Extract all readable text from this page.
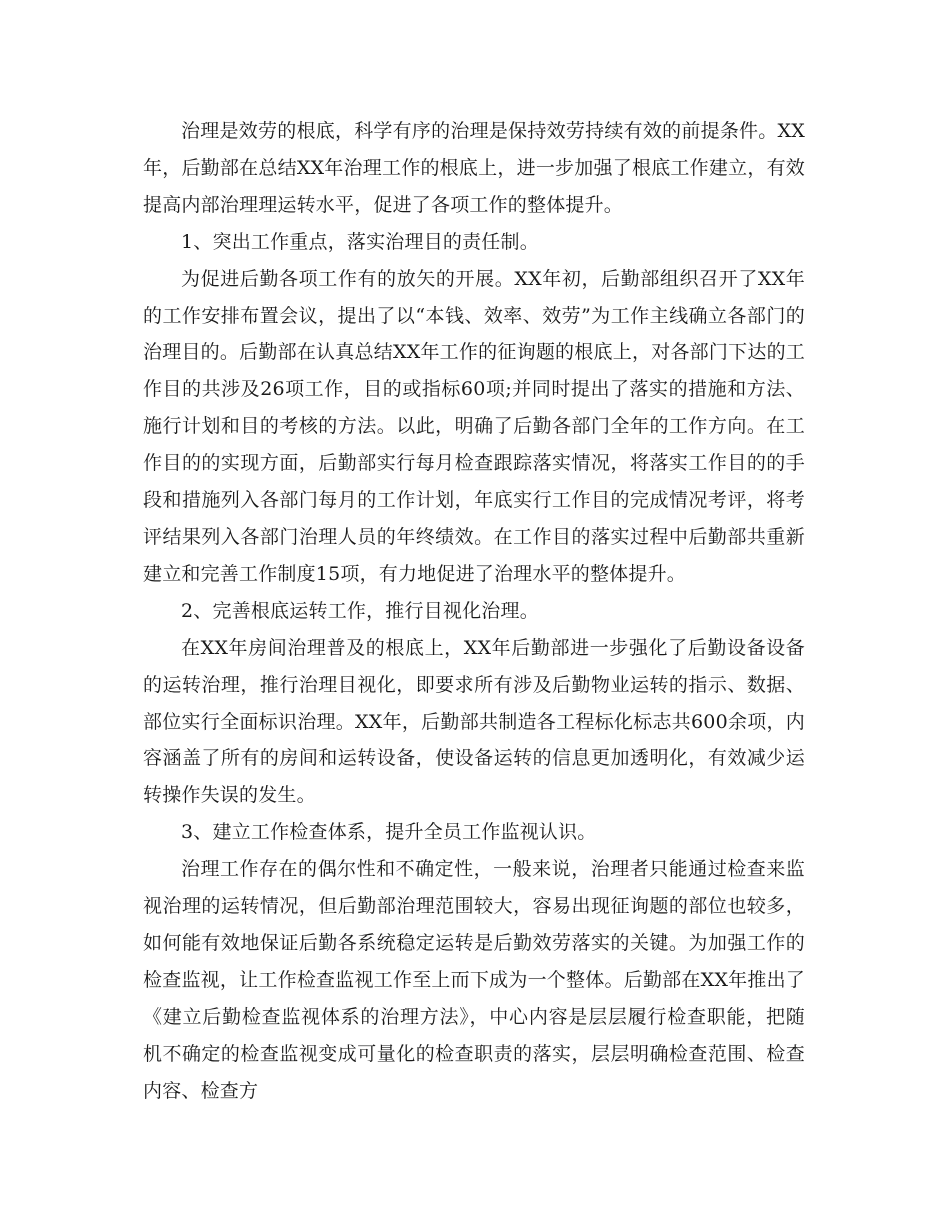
治理是效劳的根底，科学有序的治理是保持效劳持续有效的前提条件。XX年，后勤部在总结XX年治理工作的根底上，进一步加强了根底工作建立，有效提高内部治理理运转水平，促进了各项工作的整体提升。

1、突出工作重点，落实治理目的责任制。

为促进后勤各项工作有的放矢的开展。XX年初，后勤部组织召开了XX年的工作安排布置会议，提出了以“本钱、效率、效劳”为工作主线确立各部门的治理目的。后勤部在认真总结XX年工作的征询题的根底上，对各部门下达的工作目的共涉及26项工作，目的或指标60项;并同时提出了落实的措施和方法、施行计划和目的考核的方法。以此，明确了后勤各部门全年的工作方向。在工作目的的实现方面，后勤部实行每月检查跟踪落实情况，将落实工作目的的手段和措施列入各部门每月的工作计划，年底实行工作目的完成情况考评，将考评结果列入各部门治理人员的年终绩效。在工作目的落实过程中后勤部共重新建立和完善工作制度15项，有力地促进了治理水平的整体提升。

2、完善根底运转工作，推行目视化治理。

在XX年房间治理普及的根底上，XX年后勤部进一步强化了后勤设备设备的运转治理，推行治理目视化，即要求所有涉及后勤物业运转的指示、数据、部位实行全面标识治理。XX年，后勤部共制造各工程标化标志共600余项，内容涵盖了所有的房间和运转设备，使设备运转的信息更加透明化，有效减少运转操作失误的发生。

3、建立工作检查体系，提升全员工作监视认识。

治理工作存在的偶尔性和不确定性，一般来说，治理者只能通过检查来监视治理的运转情况，但后勤部治理范围较大，容易出现征询题的部位也较多，如何能有效地保证后勤各系统稳定运转是后勤效劳落实的关键。为加强工作的检查监视，让工作检查监视工作至上而下成为一个整体。后勤部在XX年推出了《建立后勤检查监视体系的治理方法》，中心内容是层层履行检查职能，把随机不确定的检查监视变成可量化的检查职责的落实，层层明确检查范围、检查内容、检查方
